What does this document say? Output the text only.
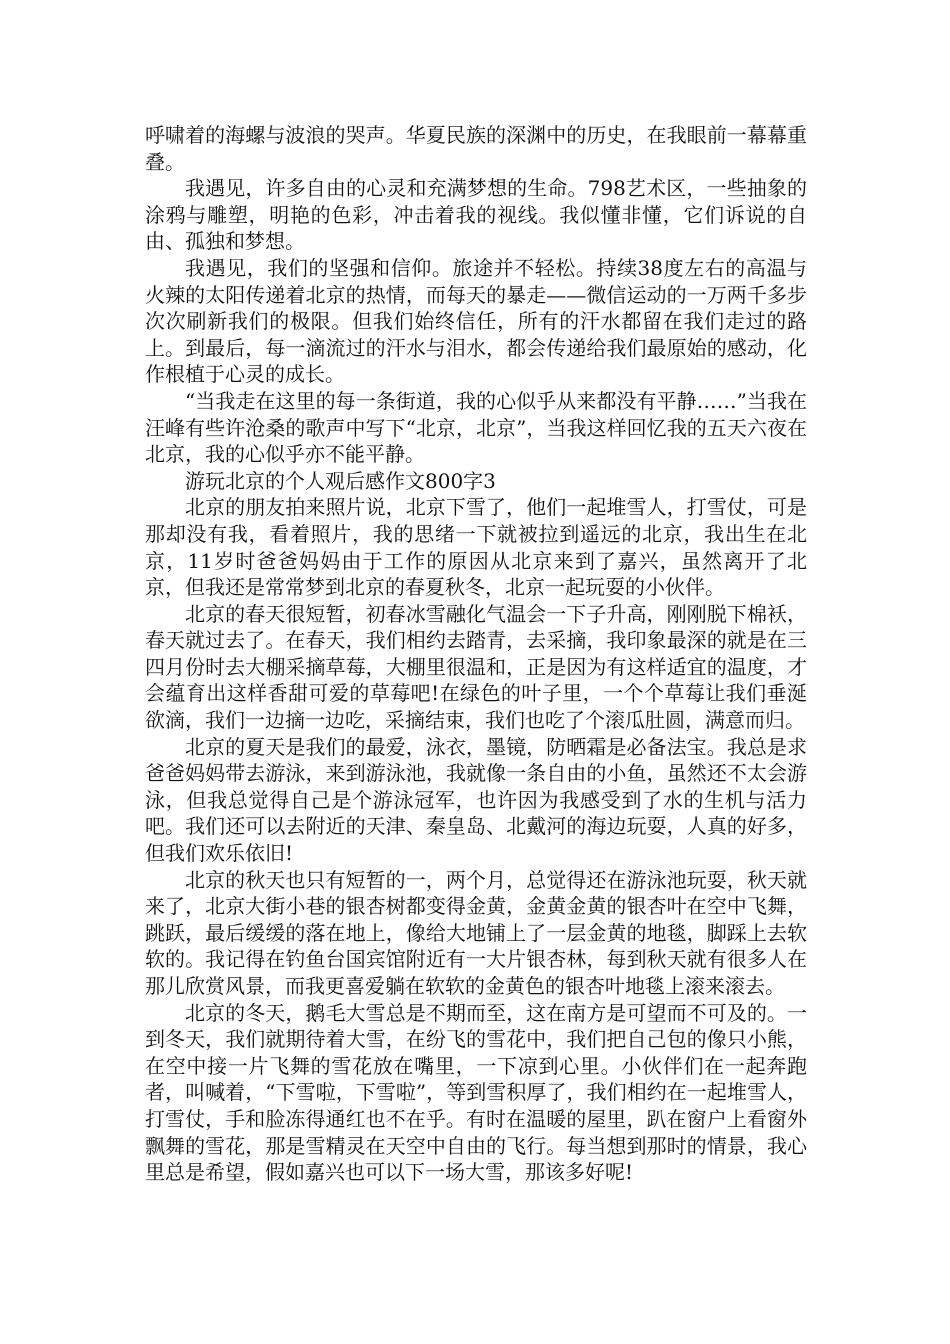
呼啸着的海螺与波浪的哭声。华夏民族的深渊中的历史，在我眼前一幕幕重叠。

我遇见，许多自由的心灵和充满梦想的生命。798艺术区，一些抽象的涂鸦与雕塑，明艳的色彩，冲击着我的视线。我似懂非懂，它们诉说的自由、孤独和梦想。

我遇见，我们的坚强和信仰。旅途并不轻松。持续38度左右的高温与火辣的太阳传递着北京的热情，而每天的暴走——微信运动的一万两千多步次次刷新我们的极限。但我们始终信任，所有的汗水都留在我们走过的路上。到最后，每一滴流过的汗水与泪水，都会传递给我们最原始的感动，化作根植于心灵的成长。

“当我走在这里的每一条街道，我的心似乎从来都没有平静……”当我在汪峰有些许沧桑的歌声中写下“北京，北京”，当我这样回忆我的五天六夜在北京，我的心似乎亦不能平静。

游玩北京的个人观后感作文800字3

北京的朋友拍来照片说，北京下雪了，他们一起堆雪人，打雪仗，可是那却没有我，看着照片，我的思绪一下就被拉到遥远的北京，我出生在北京，11岁时爸爸妈妈由于工作的原因从北京来到了嘉兴，虽然离开了北京，但我还是常常梦到北京的春夏秋冬，北京一起玩耍的小伙伴。

北京的春天很短暂，初春冰雪融化气温会一下子升高，刚刚脱下棉袄，春天就过去了。在春天，我们相约去踏青，去采摘，我印象最深的就是在三四月份时去大棚采摘草莓，大棚里很温和，正是因为有这样适宜的温度，才会蕴育出这样香甜可爱的草莓吧!在绿色的叶子里，一个个草莓让我们垂涎欲滴，我们一边摘一边吃，采摘结束，我们也吃了个滚瓜肚圆，满意而归。

北京的夏天是我们的最爱，泳衣，墨镜，防晒霜是必备法宝。我总是求爸爸妈妈带去游泳，来到游泳池，我就像一条自由的小鱼，虽然还不太会游泳，但我总觉得自己是个游泳冠军，也许因为我感受到了水的生机与活力吧。我们还可以去附近的天津、秦皇岛、北戴河的海边玩耍，人真的好多，但我们欢乐依旧!

北京的秋天也只有短暂的一，两个月，总觉得还在游泳池玩耍，秋天就来了，北京大街小巷的银杏树都变得金黄，金黄金黄的银杏叶在空中飞舞，跳跃，最后缓缓的落在地上，像给大地铺上了一层金黄的地毯，脚踩上去软软的。我记得在钓鱼台国宾馆附近有一大片银杏林，每到秋天就有很多人在那儿欣赏风景，而我更喜爱躺在软软的金黄色的银杏叶地毯上滚来滚去。

北京的冬天，鹅毛大雪总是不期而至，这在南方是可望而不可及的。一到冬天，我们就期待着大雪，在纷飞的雪花中，我们把自己包的像只小熊，在空中接一片飞舞的雪花放在嘴里，一下凉到心里。小伙伴们在一起奔跑者，叫喊着，“下雪啦，下雪啦”，等到雪积厚了，我们相约在一起堆雪人，打雪仗，手和脸冻得通红也不在乎。有时在温暖的屋里，趴在窗户上看窗外飘舞的雪花，那是雪精灵在天空中自由的飞行。每当想到那时的情景，我心里总是希望，假如嘉兴也可以下一场大雪，那该多好呢!
